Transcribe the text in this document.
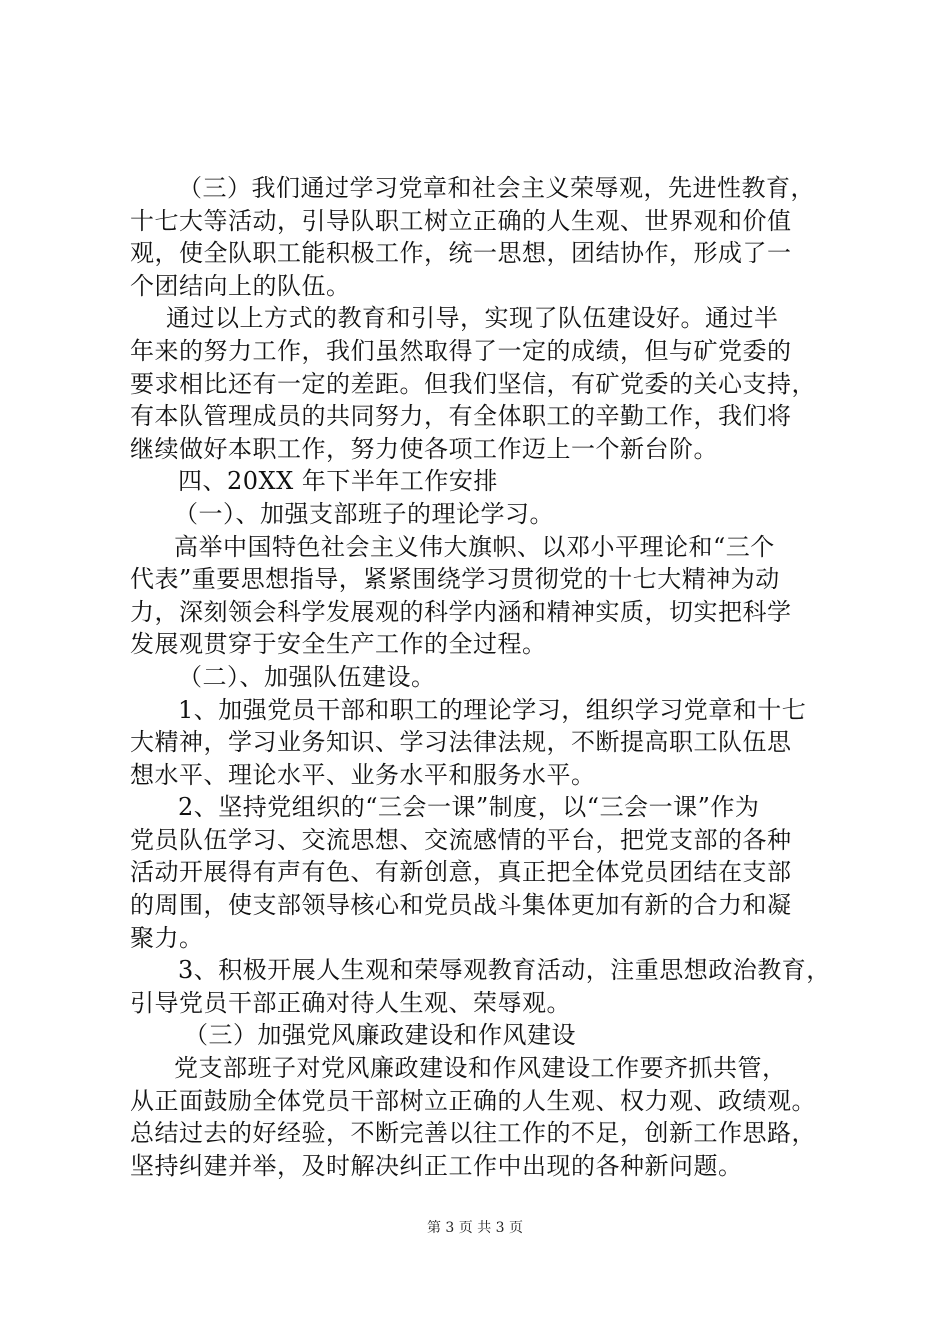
（三）我们通过学习党章和社会主义荣辱观，先进性教育，
十七大等活动，引导队职工树立正确的人生观、世界观和价值
观，使全队职工能积极工作，统一思想，团结协作，形成了一
个团结向上的队伍。
通过以上方式的教育和引导，实现了队伍建设好。通过半
年来的努力工作，我们虽然取得了一定的成绩，但与矿党委的
要求相比还有一定的差距。但我们坚信，有矿党委的关心支持，
有本队管理成员的共同努力，有全体职工的辛勤工作，我们将
继续做好本职工作，努力使各项工作迈上一个新台阶。
四、20XX 年下半年工作安排
（一）、加强支部班子的理论学习。
高举中国特色社会主义伟大旗帜、以邓小平理论和“三个
代表”重要思想指导，紧紧围绕学习贯彻党的十七大精神为动
力，深刻领会科学发展观的科学内涵和精神实质，切实把科学
发展观贯穿于安全生产工作的全过程。
（二）、加强队伍建设。
1、加强党员干部和职工的理论学习，组织学习党章和十七
大精神，学习业务知识、学习法律法规，不断提高职工队伍思
想水平、理论水平、业务水平和服务水平。
2、坚持党组织的“三会一课”制度，以“三会一课”作为
党员队伍学习、交流思想、交流感情的平台，把党支部的各种
活动开展得有声有色、有新创意，真正把全体党员团结在支部
的周围，使支部领导核心和党员战斗集体更加有新的合力和凝
聚力。
3、积极开展人生观和荣辱观教育活动，注重思想政治教育，
引导党员干部正确对待人生观、荣辱观。
（三）加强党风廉政建设和作风建设
党支部班子对党风廉政建设和作风建设工作要齐抓共管，
从正面鼓励全体党员干部树立正确的人生观、权力观、政绩观。
总结过去的好经验，不断完善以往工作的不足，创新工作思路，
坚持纠建并举，及时解决纠正工作中出现的各种新问题。
第 3 页 共 3 页
